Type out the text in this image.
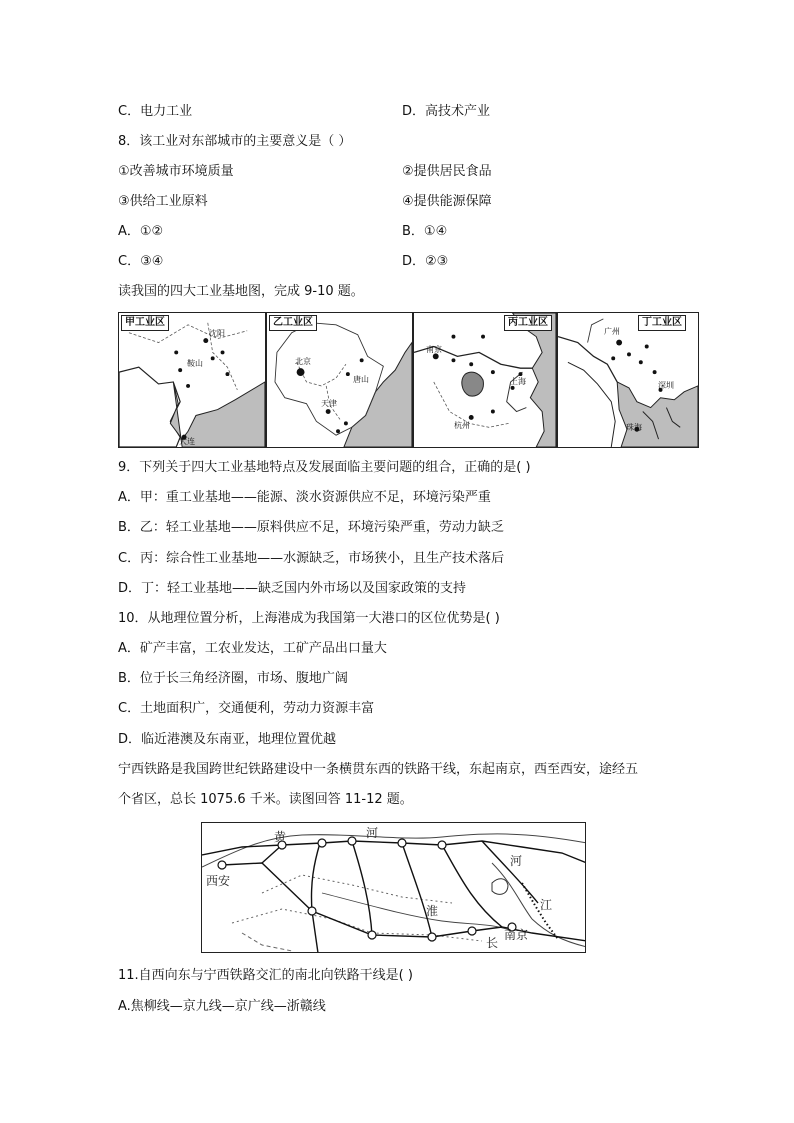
C．电力工业	D．高技术产业
8．该工业对东部城市的主要意义是（ ）
①改善城市环境质量	②提供居民食品
③供给工业原料	④提供能源保障
A．①②	B．①④
C．③④	D．②③
读我国的四大工业基地图，完成 9-10 题。
甲工业区
沈阳
鞍山
大连
乙工业区
北京
唐山
天津
丙工业区
南京
上海
杭州
丁工业区
广州
深圳
珠海
9．下列关于四大工业基地特点及发展面临主要问题的组合，正确的是( )
A．甲：重工业基地——能源、淡水资源供应不足，环境污染严重
B．乙：轻工业基地——原料供应不足，环境污染严重，劳动力缺乏
C．丙：综合性工业基地——水源缺乏，市场狭小，且生产技术落后
D．丁：轻工业基地——缺乏国内外市场以及国家政策的支持
10．从地理位置分析，上海港成为我国第一大港口的区位优势是( )
A．矿产丰富，工农业发达，工矿产品出口量大
B．位于长三角经济圈，市场、腹地广阔
C．土地面积广，交通便利，劳动力资源丰富
D．临近港澳及东南亚，地理位置优越
宁西铁路是我国跨世纪铁路建设中一条横贯东西的铁路干线，东起南京，西至西安，途经五
个省区，总长 1075.6 千米。读图回答 11-12 题。
黄	河
河
西安
淮	江
长
南京
11.自西向东与宁西铁路交汇的南北向铁路干线是( )
A.焦柳线—京九线—京广线—浙赣线
